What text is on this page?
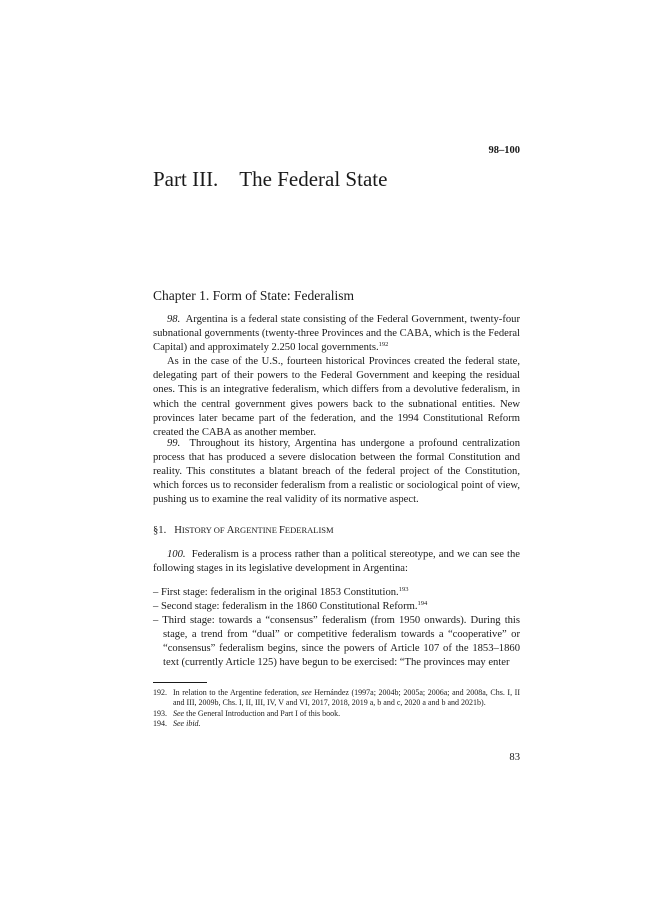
98–100
Part III. The Federal State
Chapter 1. Form of State: Federalism

98. Argentina is a federal state consisting of the Federal Government, twenty-four subnational governments (twenty-three Provinces and the CABA, which is the Federal Capital) and approximately 2.250 local governments.$^{192}$

As in the case of the U.S., fourteen historical Provinces created the federal state, delegating part of their powers to the Federal Government and keeping the residual ones. This is an integrative federalism, which differs from a devolutive federalism, in which the central government gives powers back to the subnational entities. New provinces later became part of the federation, and the 1994 Constitutional Reform created the CABA as another member.

99. Throughout its history, Argentina has undergone a profound centralization process that has produced a severe dislocation between the formal Constitution and reality. This constitutes a blatant breach of the federal project of the Constitution, which forces us to reconsider federalism from a realistic or sociological point of view, pushing us to examine the real validity of its normative aspect.

§1. HISTORY OF ARGENTINE FEDERALISM

100. Federalism is a process rather than a political stereotype, and we can see the following stages in its legislative development in Argentina:

– First stage: federalism in the original 1853 Constitution.$^{193}$
– Second stage: federalism in the 1860 Constitutional Reform.$^{194}$
– Third stage: towards a “consensus” federalism (from 1950 onwards). During this stage, a trend from “dual” or competitive federalism towards a “cooperative” or “consensus” federalism begins, since the powers of Article 107 of the 1853–1860 text (currently Article 125) have begun to be exercised: “The provinces may enter
192. In relation to the Argentine federation, see Hernández (1997a; 2004b; 2005a; 2006a; and 2008a, Chs. I, II and III, 2009b, Chs. I, II, III, IV, V and VI, 2017, 2018, 2019 a, b and c, 2020 a and b and 2021b).
193. See the General Introduction and Part I of this book.
194. See ibid.
83
